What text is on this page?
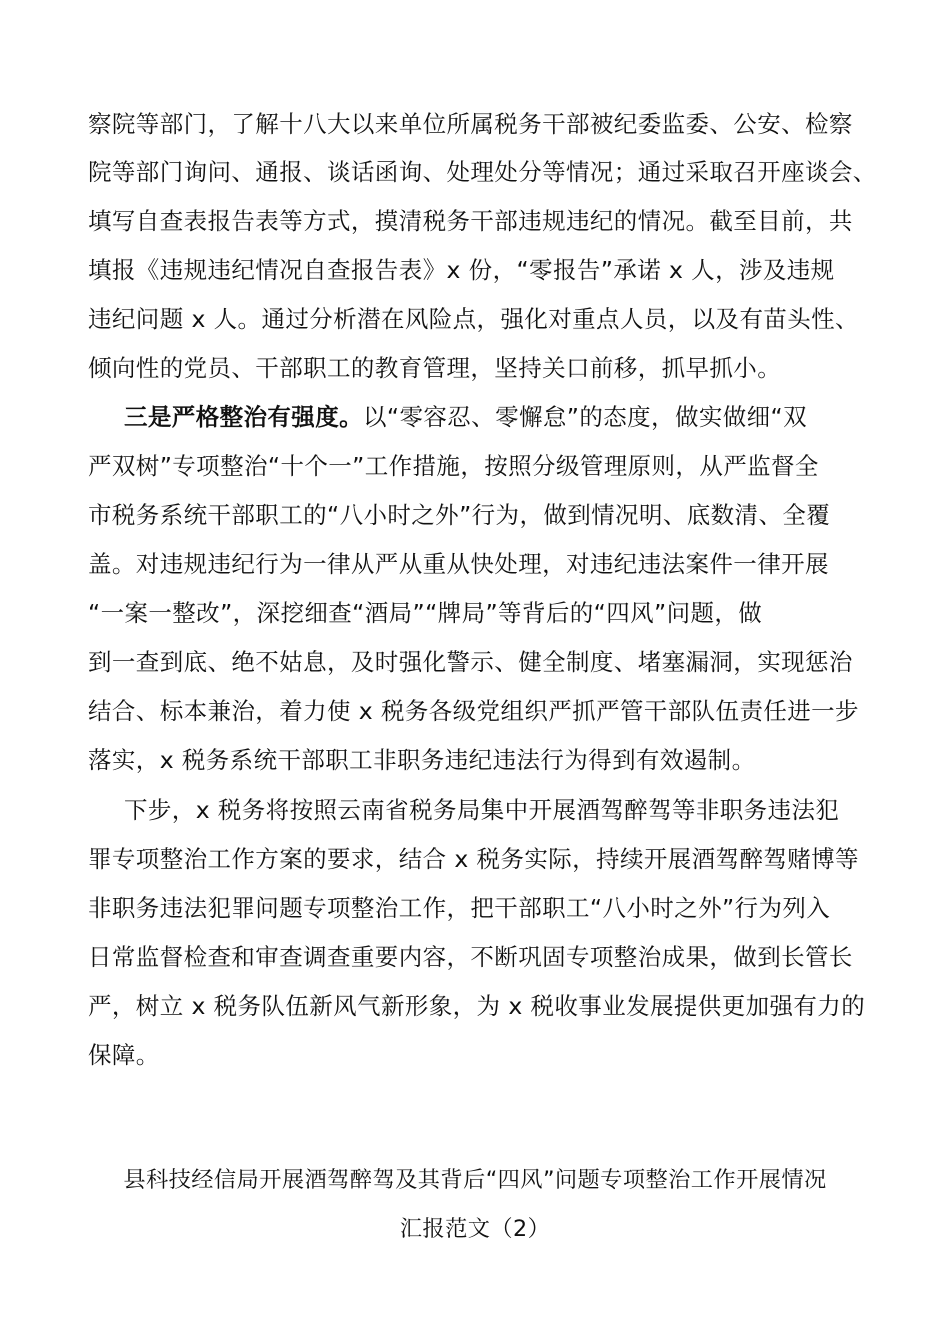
察院等部门，了解十八大以来单位所属税务干部被纪委监委、公安、检察
院等部门询问、通报、谈话函询、处理处分等情况；通过采取召开座谈会、
填写自查表报告表等方式，摸清税务干部违规违纪的情况。截至目前，共
填报《违规违纪情况自查报告表》x 份，“零报告”承诺 x 人，涉及违规
违纪问题 x 人。通过分析潜在风险点，强化对重点人员，以及有苗头性、
倾向性的党员、干部职工的教育管理，坚持关口前移，抓早抓小。
三是严格整治有强度。以“零容忍、零懈怠”的态度，做实做细“双
严双树”专项整治“十个一”工作措施，按照分级管理原则，从严监督全
市税务系统干部职工的“八小时之外”行为，做到情况明、底数清、全覆
盖。对违规违纪行为一律从严从重从快处理，对违纪违法案件一律开展
“一案一整改”，深挖细查“酒局”“牌局”等背后的“四风”问题，做
到一查到底、绝不姑息，及时强化警示、健全制度、堵塞漏洞，实现惩治
结合、标本兼治，着力使 x 税务各级党组织严抓严管干部队伍责任进一步
落实，x 税务系统干部职工非职务违纪违法行为得到有效遏制。
下步，x 税务将按照云南省税务局集中开展酒驾醉驾等非职务违法犯
罪专项整治工作方案的要求，结合 x 税务实际，持续开展酒驾醉驾赌博等
非职务违法犯罪问题专项整治工作，把干部职工“八小时之外”行为列入
日常监督检查和审查调查重要内容，不断巩固专项整治成果，做到长管长
严，树立 x 税务队伍新风气新形象，为 x 税收事业发展提供更加强有力的
保障。
县科技经信局开展酒驾醉驾及其背后“四风”问题专项整治工作开展情况
汇报范文（2）
